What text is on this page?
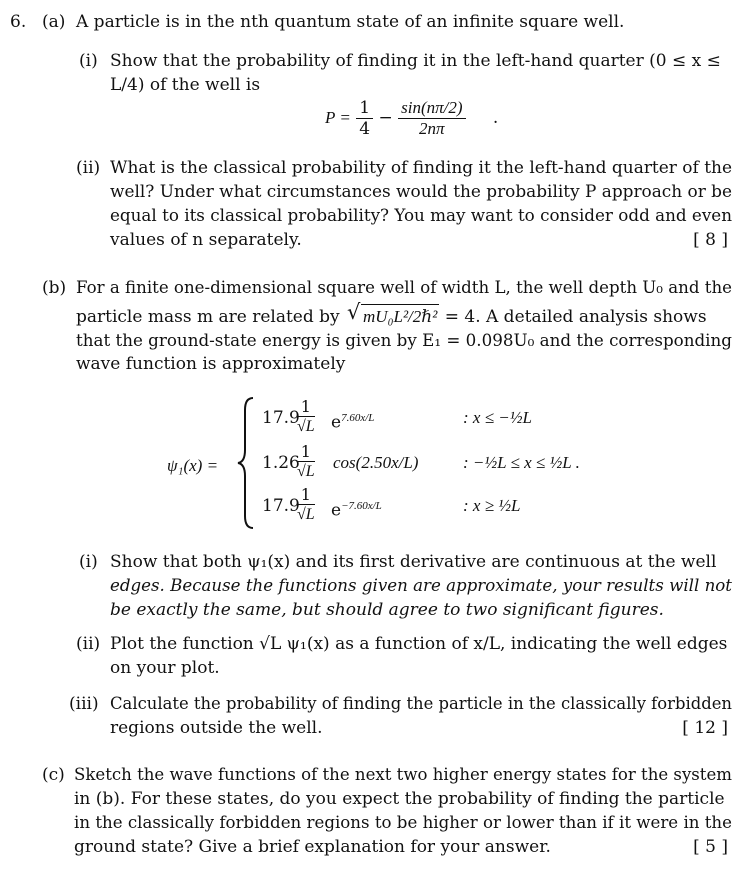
6. (a) A particle is in the nth quantum state of an infinite square well.
(i) Show that the probability of finding it in the left-hand quarter (0 ≤ x ≤
L/4) of the well is
$P = \frac{1}{4} - \frac{\sin(n\pi/2)}{2n\pi}$ .
(ii) What is the classical probability of finding it the left-hand quarter of the
well? Under what circumstances would the probability P approach or be
equal to its classical probability? You may want to consider odd and even
values of n separately.	[ 8 ]
(b) For a finite one-dimensional square well of width L, the well depth U₀ and the
particle mass m are related by √ mU₀L²/2ℏ² = 4. A detailed analysis shows
that the ground-state energy is given by E₁ = 0.098U₀ and the corresponding
wave function is approximately
ψ₁(x) =
17.9
$\frac{1}{√L} e^{7.60x/L}$	: x ≤ −½L
1.26
$\frac{1}{√L} \cos(2.50x/L)$	: −½L ≤ x ≤ ½L .
17.9
$\frac{1}{√L} e^{-7.60x/L}$	: x ≥ ½L
(i) Show that both ψ₁(x) and its first derivative are continuous at the well
edges. Because the functions given are approximate, your results will not
be exactly the same, but should agree to two significant figures.
(ii) Plot the function √L ψ₁(x) as a function of x/L, indicating the well edges
on your plot.
(iii) Calculate the probability of finding the particle in the classically forbidden
regions outside the well.	[ 12 ]
(c) Sketch the wave functions of the next two higher energy states for the system
in (b). For these states, do you expect the probability of finding the particle
in the classically forbidden regions to be higher or lower than if it were in the
ground state? Give a brief explanation for your answer.	[ 5 ]
